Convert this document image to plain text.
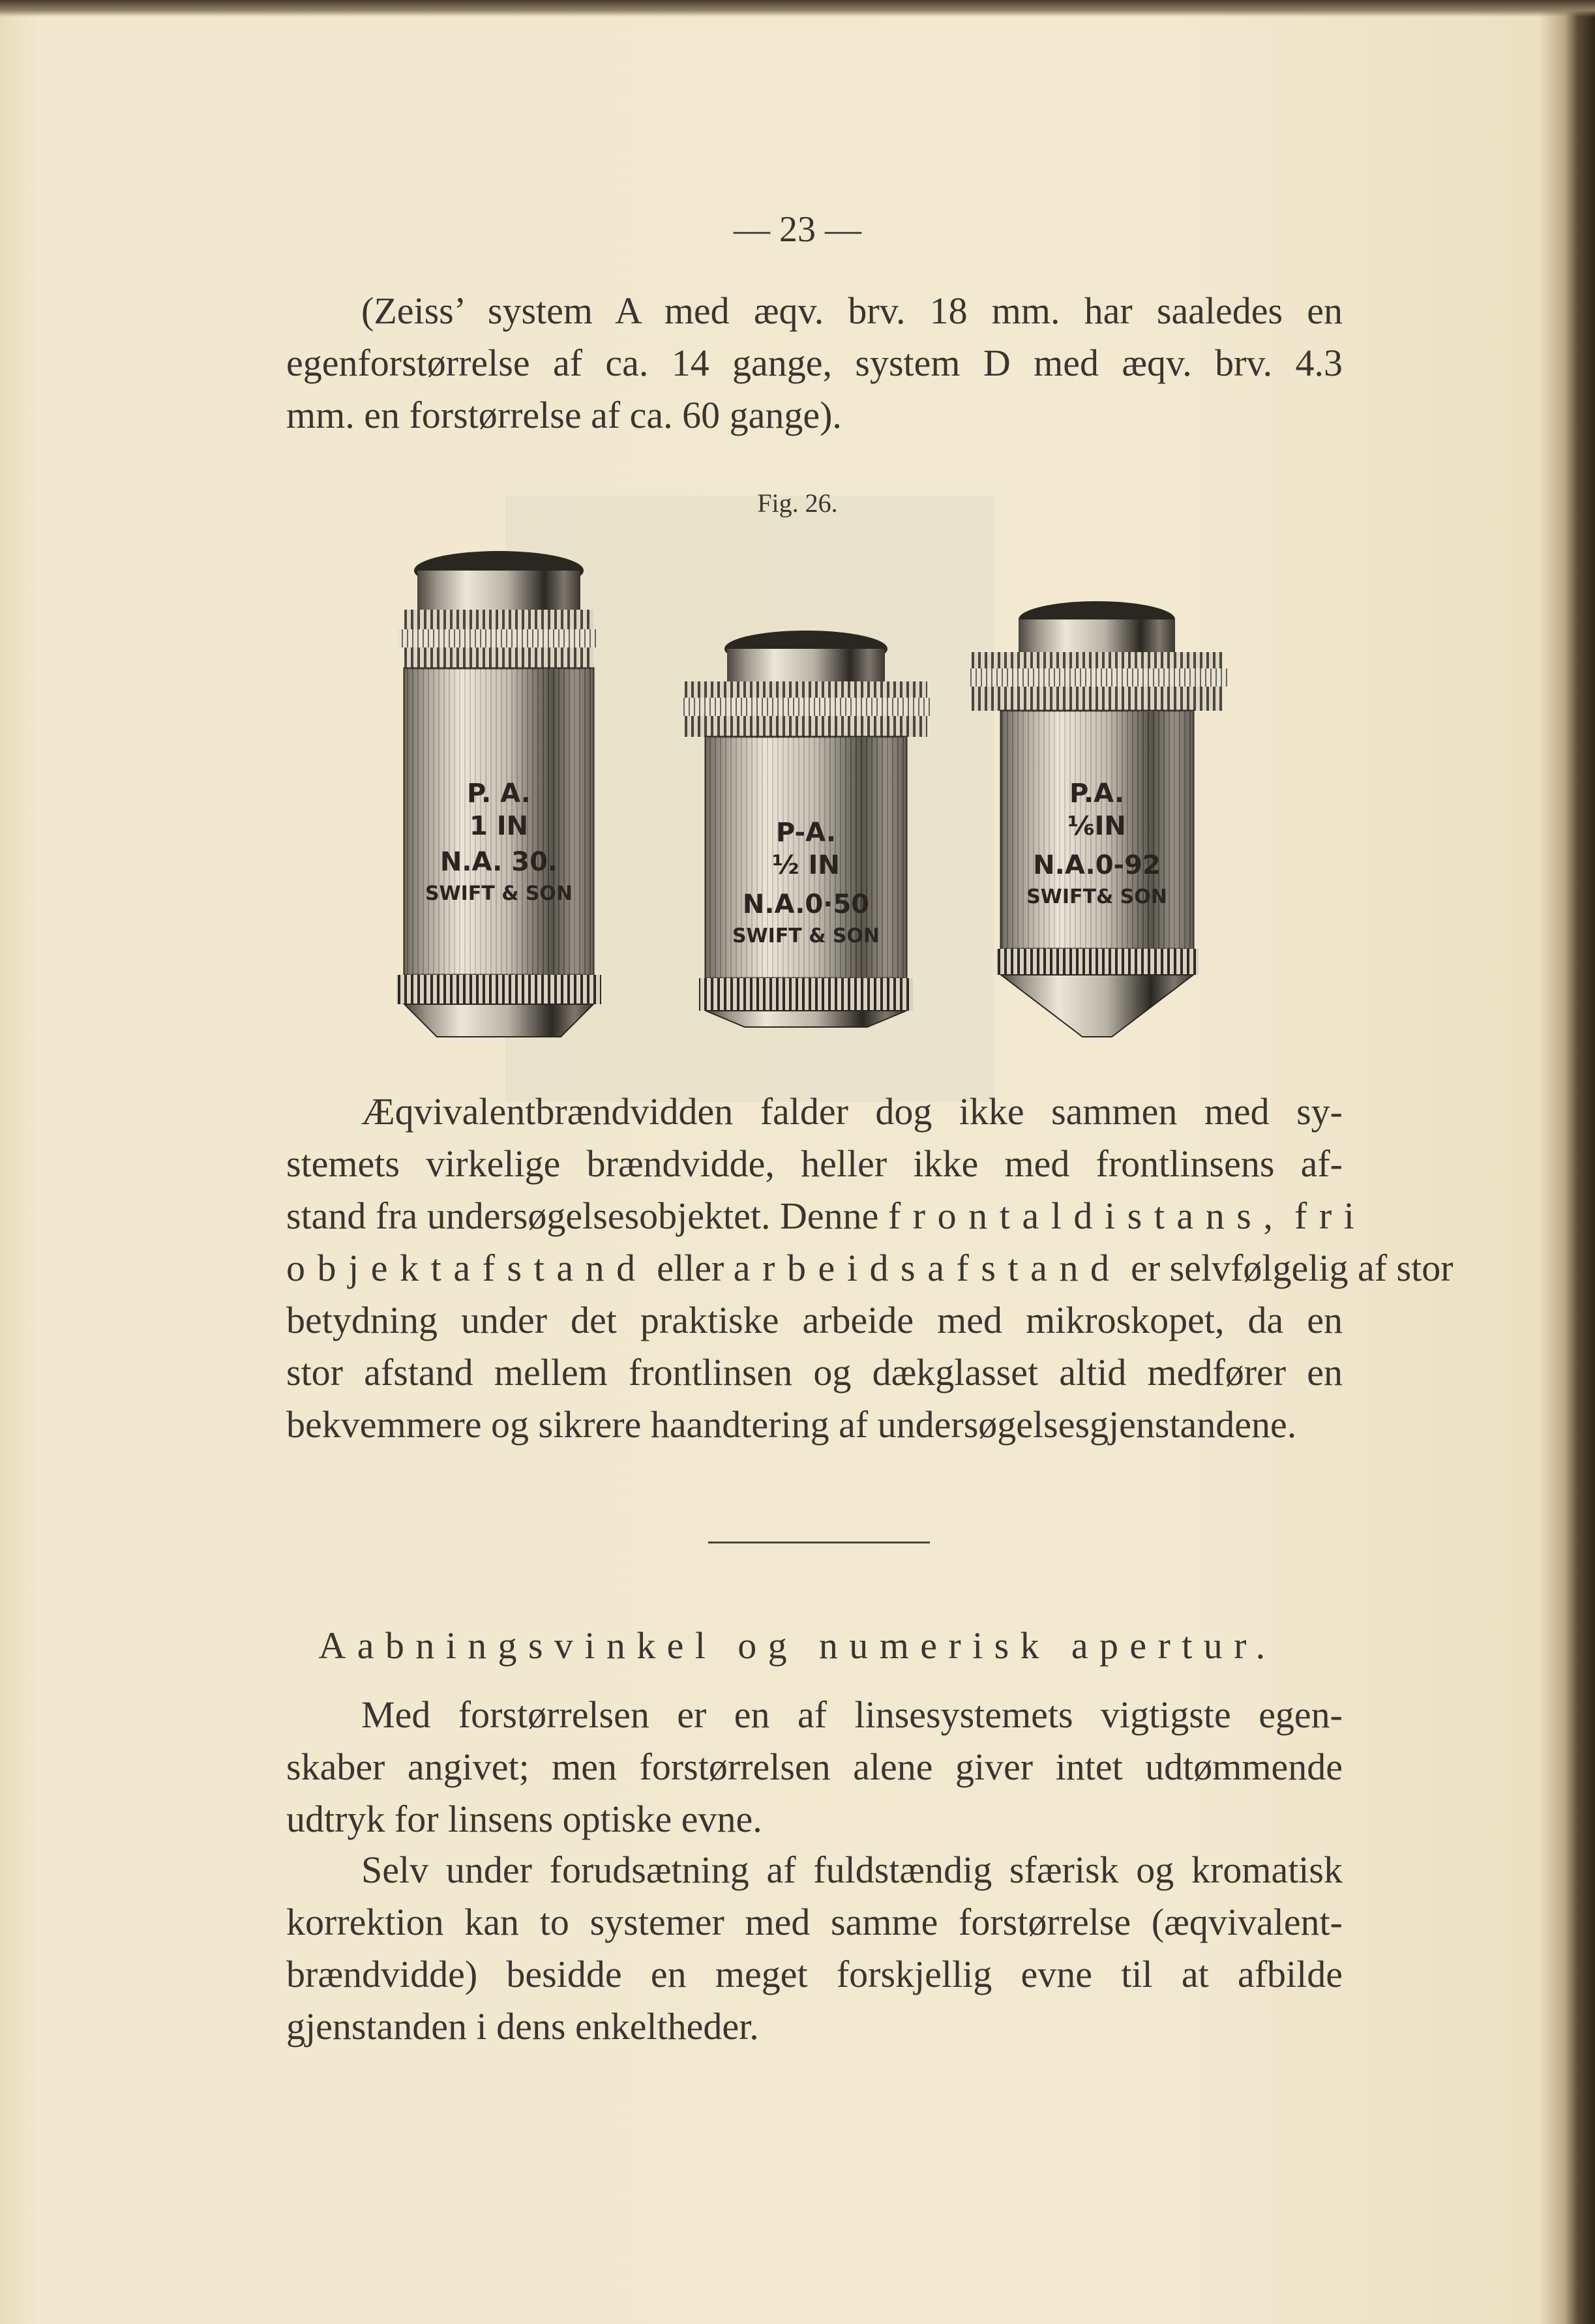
— 23 —
(Zeiss’ system A med æqv. brv. 18 mm. har saaledes en
egenforstørrelse af ca. 14 gange, system D med æqv. brv. 4.3
mm. en forstørrelse af ca. 60 gange).
Fig. 26.
P. A.
1 IN
N.A. 30.
SWIFT & SON
P-A.
½ IN
N.A.0·50
SWIFT & SON
P.A.
⅙IN
N.A.0-92
SWIFT& SON
Æqvivalentbrændvidden falder dog ikke sammen med sy-
stemets virkelige brændvidde, heller ikke med frontlinsens af-
stand fra undersøgelsesobjektet. Denne frontaldistans, fri
objektafstand eller arbeidsafstand er selvfølgelig af stor
betydning under det praktiske arbeide med mikroskopet, da en
stor afstand mellem frontlinsen og dækglasset altid medfører en
bekvemmere og sikrere haandtering af undersøgelsesgjenstandene.
Aabningsvinkel og numerisk apertur.
Med forstørrelsen er en af linsesystemets vigtigste egen-
skaber angivet; men forstørrelsen alene giver intet udtømmende
udtryk for linsens optiske evne.
Selv under forudsætning af fuldstændig sfærisk og kromatisk
korrektion kan to systemer med samme forstørrelse (æqvivalent-
brændvidde) besidde en meget forskjellig evne til at afbilde
gjenstanden i dens enkeltheder.
